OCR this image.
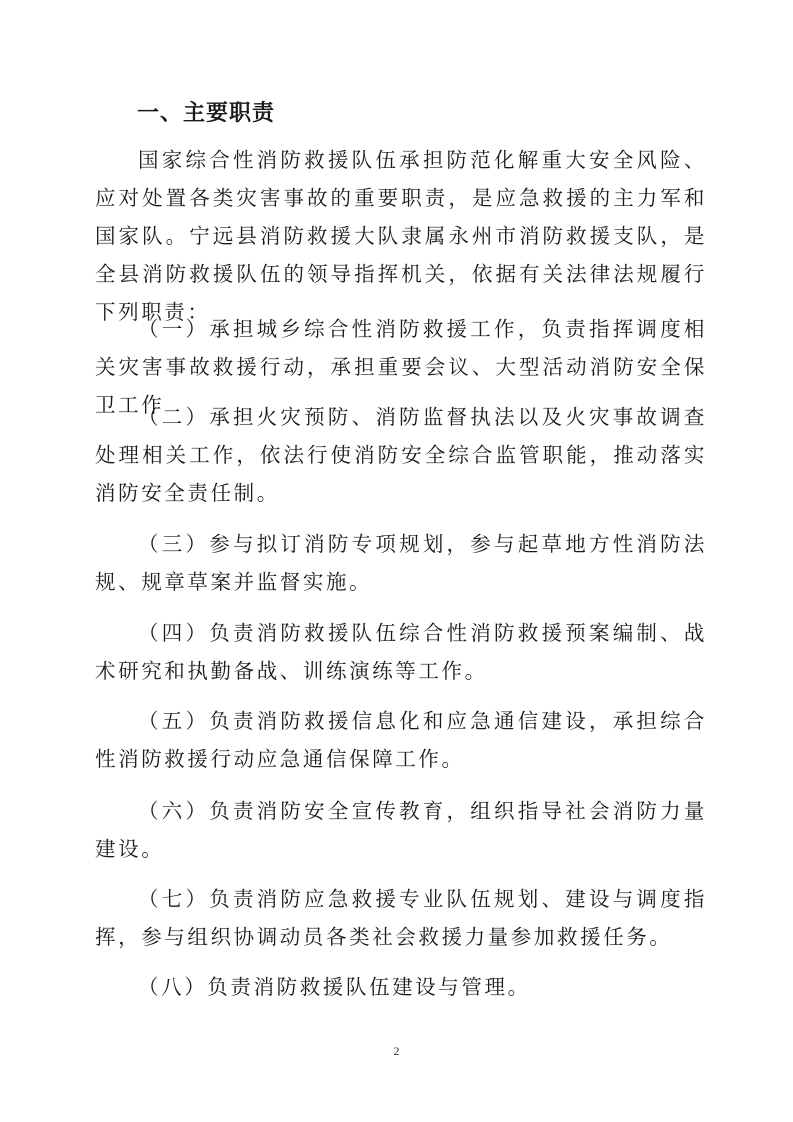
一、主要职责

国家综合性消防救援队伍承担防范化解重大安全风险、应对处置各类灾害事故的重要职责，是应急救援的主力军和国家队。宁远县消防救援大队隶属永州市消防救援支队，是全县消防救援队伍的领导指挥机关，依据有关法律法规履行下列职责：

（一）承担城乡综合性消防救援工作，负责指挥调度相关灾害事故救援行动，承担重要会议、大型活动消防安全保卫工作

（二）承担火灾预防、消防监督执法以及火灾事故调查处理相关工作，依法行使消防安全综合监管职能，推动落实消防安全责任制。

（三）参与拟订消防专项规划，参与起草地方性消防法规、规章草案并监督实施。

（四）负责消防救援队伍综合性消防救援预案编制、战术研究和执勤备战、训练演练等工作。

（五）负责消防救援信息化和应急通信建设，承担综合性消防救援行动应急通信保障工作。

（六）负责消防安全宣传教育，组织指导社会消防力量建设。

（七）负责消防应急救援专业队伍规划、建设与调度指挥，参与组织协调动员各类社会救援力量参加救援任务。

（八）负责消防救援队伍建设与管理。

2
